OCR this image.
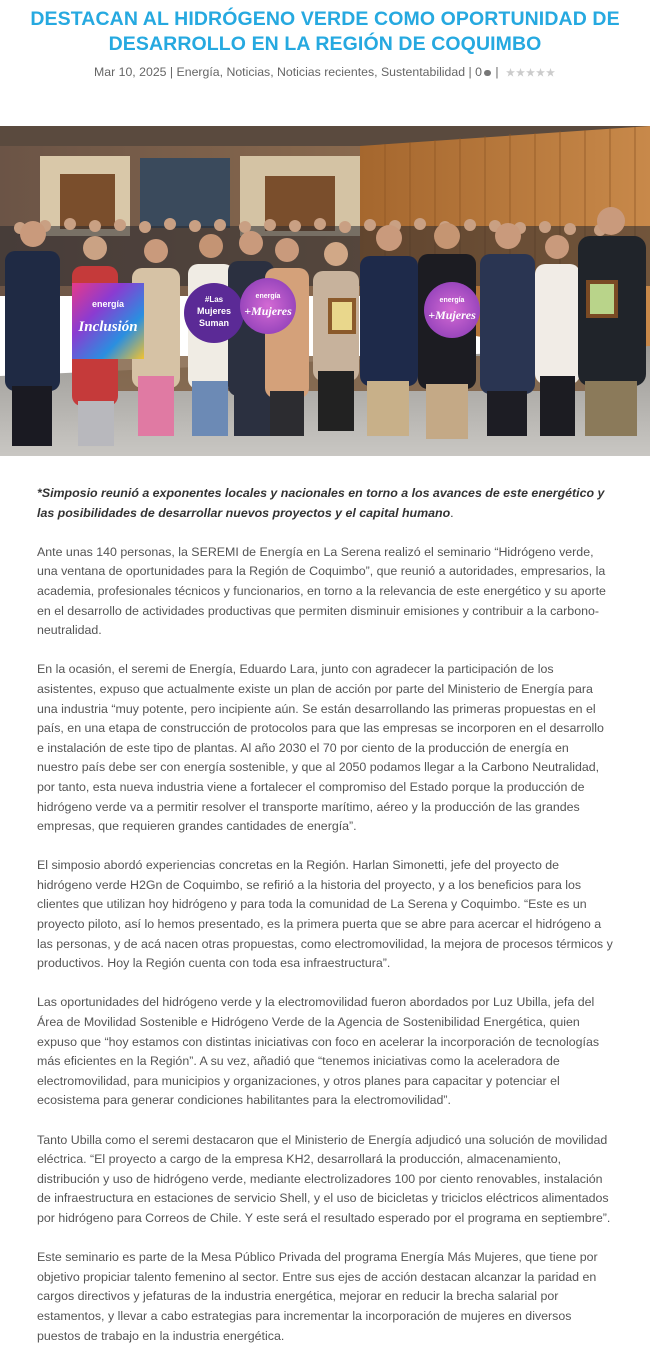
DESTACAN AL HIDRÓGENO VERDE COMO OPORTUNIDAD DE DESARROLLO EN LA REGIÓN DE COQUIMBO
Mar 10, 2025 | Energía, Noticias, Noticias recientes, Sustentabilidad | 0 |
energía
Inclusión
#Las
Mujeres
Suman
energía
+Mujeres
energía
+Mujeres

*Simposio reunió a exponentes locales y nacionales en torno a los avances de este energético y las posibilidades de desarrollar nuevos proyectos y el capital humano.

Ante unas 140 personas, la SEREMI de Energía en La Serena realizó el seminario “Hidrógeno verde, una ventana de oportunidades para la Región de Coquimbo”, que reunió a autoridades, empresarios, la academia, profesionales técnicos y funcionarios, en torno a la relevancia de este energético y su aporte en el desarrollo de actividades productivas que permiten disminuir emisiones y contribuir a la carbono-neutralidad.

En la ocasión, el seremi de Energía, Eduardo Lara, junto con agradecer la participación de los asistentes, expuso que actualmente existe un plan de acción por parte del Ministerio de Energía para una industria “muy potente, pero incipiente aún. Se están desarrollando las primeras propuestas en el país, en una etapa de construcción de protocolos para que las empresas se incorporen en el desarrollo e instalación de este tipo de plantas. Al año 2030 el 70 por ciento de la producción de energía en nuestro país debe ser con energía sostenible, y que al 2050 podamos llegar a la Carbono Neutralidad, por tanto, esta nueva industria viene a fortalecer el compromiso del Estado porque la producción de hidrógeno verde va a permitir resolver el transporte marítimo, aéreo y la producción de las grandes empresas, que requieren grandes cantidades de energía”.

El simposio abordó experiencias concretas en la Región. Harlan Simonetti, jefe del proyecto de hidrógeno verde H2Gn de Coquimbo, se refirió a la historia del proyecto, y a los beneficios para los clientes que utilizan hoy hidrógeno y para toda la comunidad de La Serena y Coquimbo. “Este es un proyecto piloto, así lo hemos presentado, es la primera puerta que se abre para acercar el hidrógeno a las personas, y de acá nacen otras propuestas, como electromovilidad, la mejora de procesos térmicos y productivos. Hoy la Región cuenta con toda esa infraestructura”.

Las oportunidades del hidrógeno verde y la electromovilidad fueron abordados por Luz Ubilla, jefa del Área de Movilidad Sostenible e Hidrógeno Verde de la Agencia de Sostenibilidad Energética, quien expuso que “hoy estamos con distintas iniciativas con foco en acelerar la incorporación de tecnologías más eficientes en la Región”. A su vez, añadió que “tenemos iniciativas como la aceleradora de electromovilidad, para municipios y organizaciones, y otros planes para capacitar y potenciar el ecosistema para generar condiciones habilitantes para la electromovilidad”.

Tanto Ubilla como el seremi destacaron que el Ministerio de Energía adjudicó una solución de movilidad eléctrica. “El proyecto a cargo de la empresa KH2, desarrollará la producción, almacenamiento, distribución y uso de hidrógeno verde, mediante electrolizadores 100 por ciento renovables, instalación de infraestructura en estaciones de servicio Shell, y el uso de bicicletas y triciclos eléctricos alimentados por hidrógeno para Correos de Chile. Y este será el resultado esperado por el programa en septiembre”.

Este seminario es parte de la Mesa Público Privada del programa Energía Más Mujeres, que tiene por objetivo propiciar talento femenino al sector. Entre sus ejes de acción destacan alcanzar la paridad en cargos directivos y jefaturas de la industria energética, mejorar en reducir la brecha salarial por estamentos, y llevar a cabo estrategias para incrementar la incorporación de mujeres en diversos puestos de trabajo en la industria energética.
